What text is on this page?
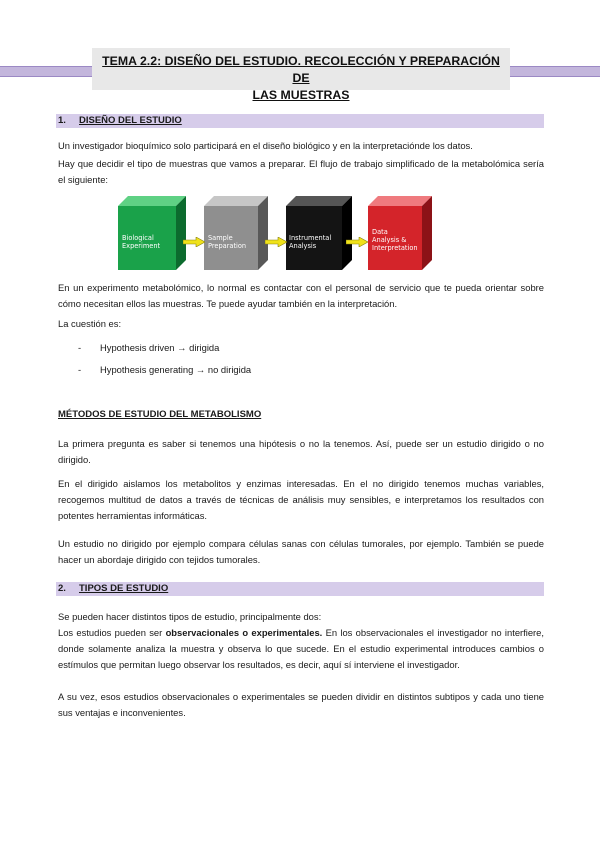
TEMA 2.2: DISEÑO DEL ESTUDIO. RECOLECCIÓN Y PREPARACIÓN DE
LAS MUESTRAS
1. DISEÑO DEL ESTUDIO

Un investigador bioquímico solo participará en el diseño biológico y en la interpretaciónde los datos.

Hay que decidir el tipo de muestras que vamos a preparar. El flujo de trabajo simplificado de la metabolómica sería el siguiente:

Biological
Experiment
Sample
Preparation
Instrumental
Analysis
Data
Analysis &
Interpretation

En un experimento metabolómico, lo normal es contactar con el personal de servicio que te pueda orientar sobre cómo necesitan ellos las muestras. Te puede ayudar también en la interpretación.

La cuestión es:

- Hypothesis driven → dirigida
- Hypothesis generating → no dirigida
MÉTODOS DE ESTUDIO DEL METABOLISMO

La primera pregunta es saber si tenemos una hipótesis o no la tenemos. Así, puede ser un estudio dirigido o no dirigido.

En el dirigido aislamos los metabolitos y enzimas interesadas. En el no dirigido tenemos muchas variables, recogemos multitud de datos a través de técnicas de análisis muy sensibles, e interpretamos los resultados con potentes herramientas informáticas.

Un estudio no dirigido por ejemplo compara células sanas con células tumorales, por ejemplo. También se puede hacer un abordaje dirigido con tejidos tumorales.

2. TIPOS DE ESTUDIO

Se pueden hacer distintos tipos de estudio, principalmente dos:

Los estudios pueden ser observacionales o experimentales. En los observacionales el investigador no interfiere, donde solamente analiza la muestra y observa lo que sucede. En el estudio experimental introduces cambios o estímulos que permitan luego observar los resultados, es decir, aquí sí interviene el investigador.

A su vez, esos estudios observacionales o experimentales se pueden dividir en distintos subtipos y cada uno tiene sus ventajas e inconvenientes.
